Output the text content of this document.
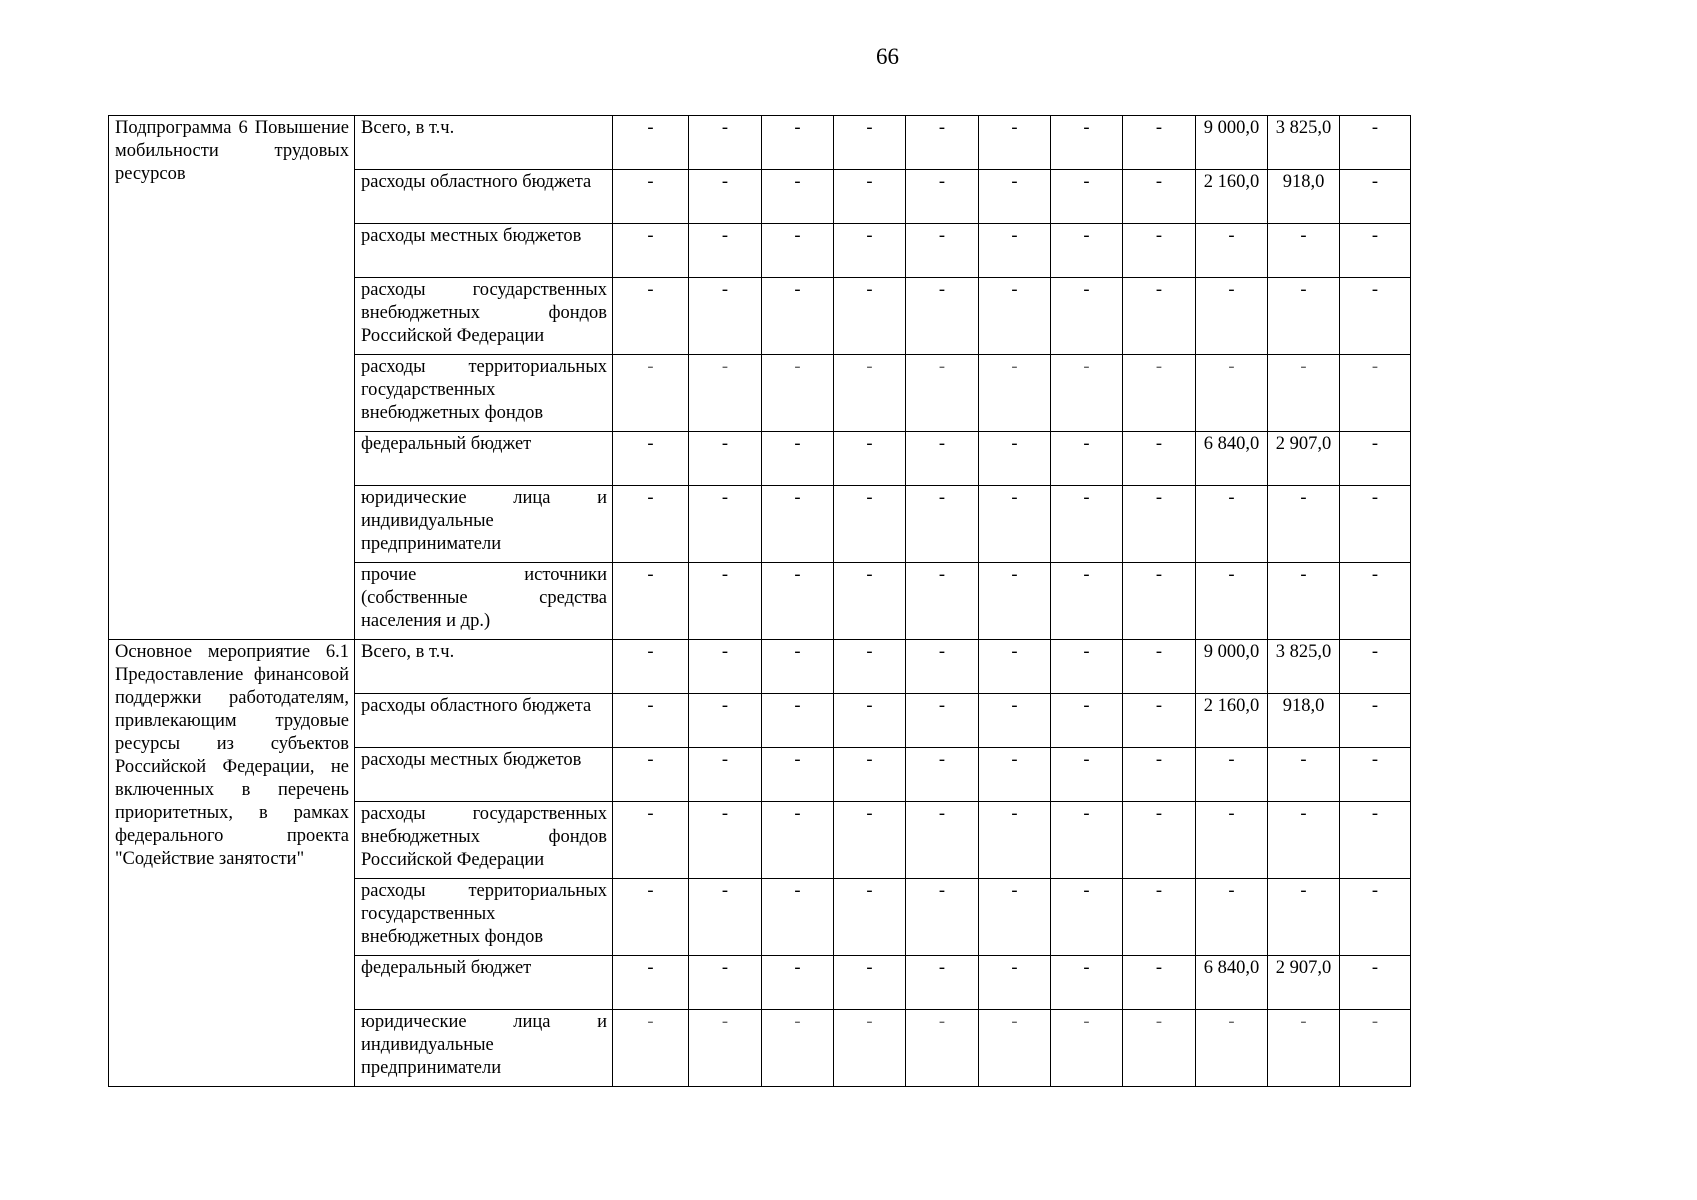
66
Подпрограмма 6 Повышение мобильности трудовых ресурсов	Всего, в т.ч.	-	-	-	-	-	-	-	-	9 000,0	3 825,0	-
	расходы областного бюджета	-	-	-	-	-	-	-	-	2 160,0	918,0	-
	расходы местных бюджетов	-	-	-	-	-	-	-	-	-	-	-
	расходы государственных внебюджетных фондов Российской Федерации	-	-	-	-	-	-	-	-	-	-	-
	расходы территориальных государственных внебюджетных фондов	-	-	-	-	-	-	-	-	-	-	-
	федеральный бюджет	-	-	-	-	-	-	-	-	6 840,0	2 907,0	-
	юридические лица и индивидуальные предприниматели	-	-	-	-	-	-	-	-	-	-	-
	прочие источники (собственные средства населения и др.)	-	-	-	-	-	-	-	-	-	-	-
Основное мероприятие 6.1 Предоставление финансовой поддержки работодателям, привлекающим трудовые ресурсы из субъектов Российской Федерации, не включенных в перечень приоритетных, в рамках федерального проекта "Содействие занятости"	Всего, в т.ч.	-	-	-	-	-	-	-	-	9 000,0	3 825,0	-
	расходы областного бюджета	-	-	-	-	-	-	-	-	2 160,0	918,0	-
	расходы местных бюджетов	-	-	-	-	-	-	-	-	-	-	-
	расходы государственных внебюджетных фондов Российской Федерации	-	-	-	-	-	-	-	-	-	-	-
	расходы территориальных государственных внебюджетных фондов	-	-	-	-	-	-	-	-	-	-	-
	федеральный бюджет	-	-	-	-	-	-	-	-	6 840,0	2 907,0	-
	юридические лица и индивидуальные предприниматели	-	-	-	-	-	-	-	-	-	-	-
